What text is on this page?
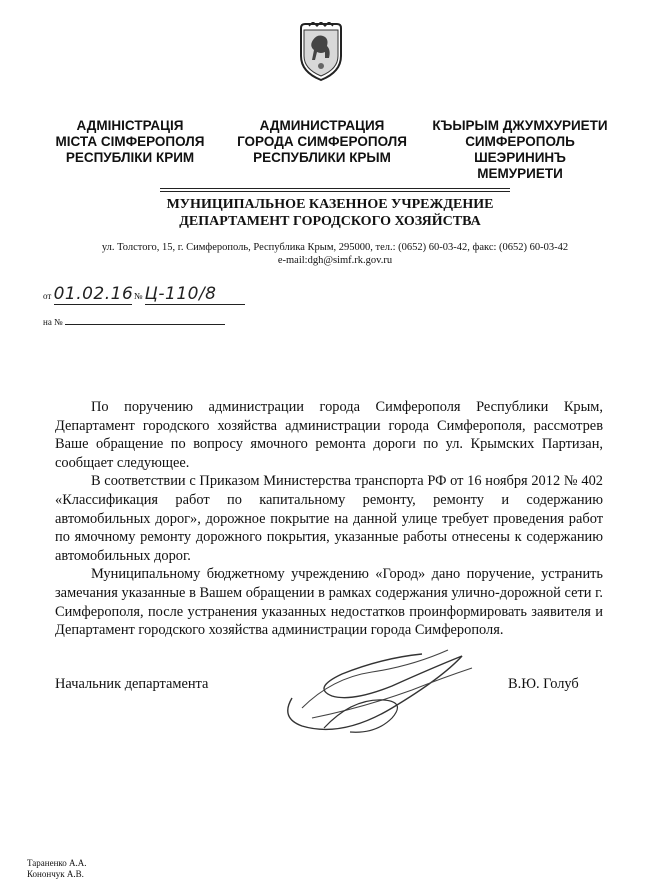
АДМІНІСТРАЦІЯ
МІСТА СІМФЕРОПОЛЯ
РЕСПУБЛІКИ КРИМ
АДМИНИСТРАЦИЯ
ГОРОДА СИМФЕРОПОЛЯ
РЕСПУБЛИКИ КРЫМ
КЪЫРЫМ ДЖУМХУРИЕТИ
СИМФЕРОПОЛЬ
ШЕЭРИНИНЪ
МЕМУРИЕТИ
МУНИЦИПАЛЬНОЕ КАЗЕННОЕ УЧРЕЖДЕНИЕ
ДЕПАРТАМЕНТ ГОРОДСКОГО ХОЗЯЙСТВА
ул. Толстого, 15, г. Симферополь, Республика Крым, 295000, тел.: (0652) 60-03-42, факс: (0652) 60-03-42
e-mail:dgh@simf.rk.gov.ru
от 01.02.16 № Ц-110/8
на №

По поручению администрации города Симферополя Республики Крым, Департамент городского хозяйства администрации города Симферополя, рассмотрев Ваше обращение по вопросу ямочного ремонта дороги по ул. Крымских Партизан, сообщает следующее.

В соответствии с Приказом Министерства транспорта РФ от 16 ноября 2012 № 402 «Классификация работ по капитальному ремонту, ремонту и содержанию автомобильных дорог», дорожное покрытие на данной улице требует проведения работ по ямочному ремонту дорожного покрытия, указанные работы отнесены к содержанию автомобильных дорог.

Муниципальному бюджетному учреждению «Город» дано поручение, устранить замечания указанные в Вашем обращении в рамках содержания улично-дорожной сети г. Симферополя, после устранения указанных недостатков проинформировать заявителя и Департамент городского хозяйства администрации города Симферополя.

Начальник департамента	В.Ю. Голуб
Тараненко А.А.
Конончук А.В.
